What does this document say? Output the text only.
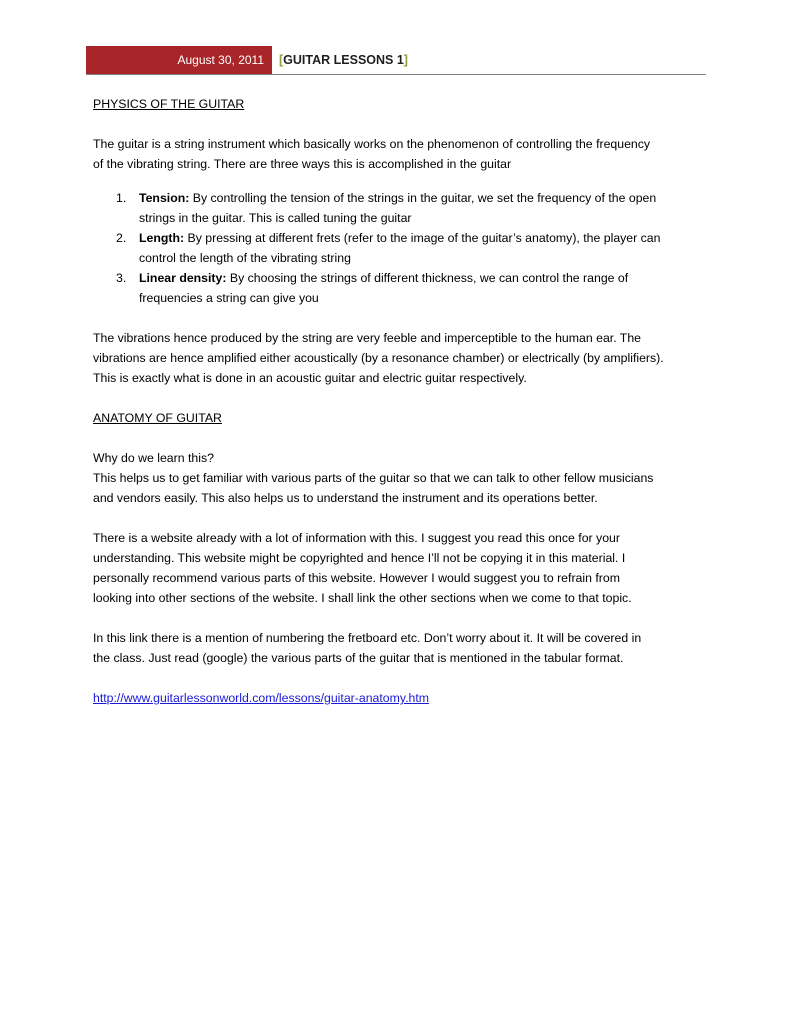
August 30, 2011	[GUITAR LESSONS 1]
PHYSICS OF THE GUITAR

The guitar is a string instrument which basically works on the phenomenon of controlling the frequency
of the vibrating string. There are three ways this is accomplished in the guitar

1. Tension: By controlling the tension of the strings in the guitar, we set the frequency of the open
strings in the guitar. This is called tuning the guitar
2. Length: By pressing at different frets (refer to the image of the guitar’s anatomy), the player can
control the length of the vibrating string
3. Linear density: By choosing the strings of different thickness, we can control the range of
frequencies a string can give you

The vibrations hence produced by the string are very feeble and imperceptible to the human ear. The
vibrations are hence amplified either acoustically (by a resonance chamber) or electrically (by amplifiers).
This is exactly what is done in an acoustic guitar and electric guitar respectively.

ANATOMY OF GUITAR

Why do we learn this?
This helps us to get familiar with various parts of the guitar so that we can talk to other fellow musicians
and vendors easily. This also helps us to understand the instrument and its operations better.

There is a website already with a lot of information with this. I suggest you read this once for your
understanding. This website might be copyrighted and hence I’ll not be copying it in this material. I
personally recommend various parts of this website. However I would suggest you to refrain from
looking into other sections of the website. I shall link the other sections when we come to that topic.

In this link there is a mention of numbering the fretboard etc. Don’t worry about it. It will be covered in
the class. Just read (google) the various parts of the guitar that is mentioned in the tabular format.

http://www.guitarlessonworld.com/lessons/guitar-anatomy.htm
